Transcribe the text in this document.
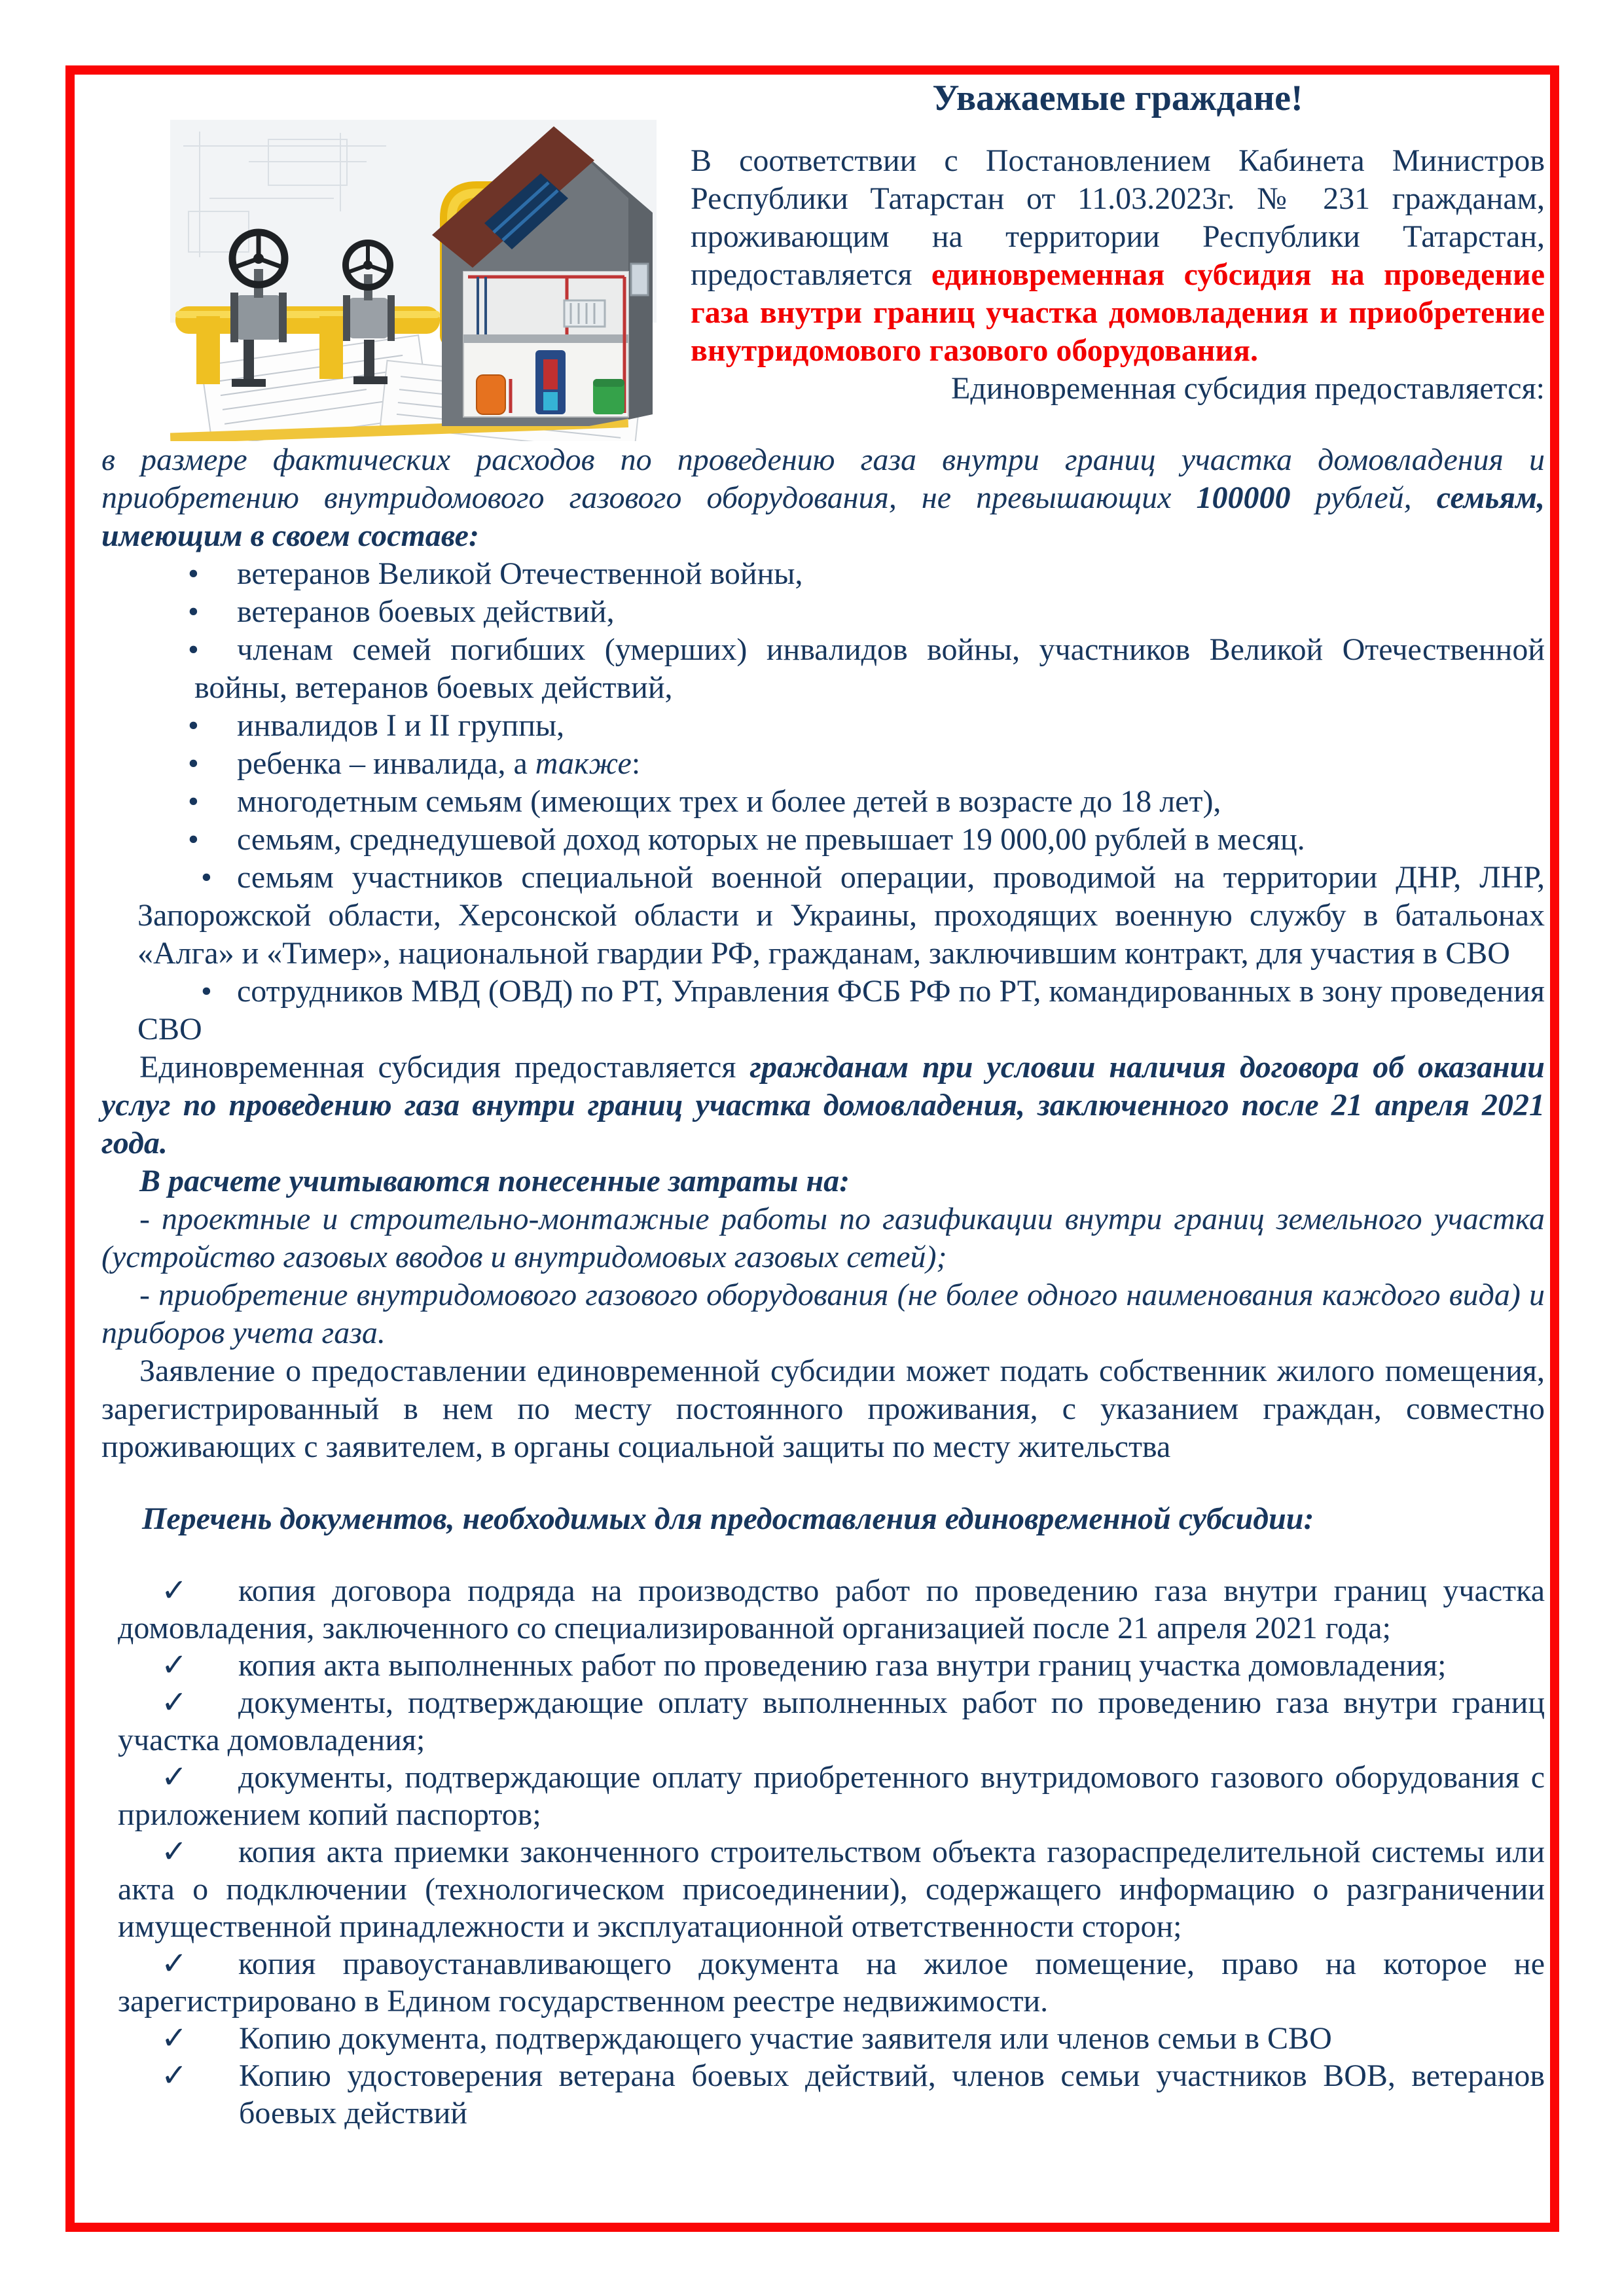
Уважаемые граждане!

В соответствии с Постановлением Кабинета Министров Республики Татарстан от 11.03.2023г. № 231 гражданам, проживающим на территории Республики Татарстан, предоставляется единовременная субсидия на проведение газа внутри границ участка домовладения и приобретение внутридомового газового оборудования.

Единовременная субсидия предоставляется:

в размере фактических расходов по проведению газа внутри границ участка домовладения и приобретению внутридомового газового оборудования, не превышающих 100000 рублей, семьям, имеющим в своем составе:

• ветеранов Великой Отечественной войны,

• ветеранов боевых действий,

• членам семей погибших (умерших) инвалидов войны, участников Великой Отечественной войны, ветеранов боевых действий,

• инвалидов I и II группы,

• ребенка – инвалида, а также:

• многодетным семьям (имеющих трех и более детей в возрасте до 18 лет),

• семьям, среднедушевой доход которых не превышает 19 000,00 рублей в месяц.

• семьям участников специальной военной операции, проводимой на территории ДНР, ЛНР, Запорожской области, Херсонской области и Украины, проходящих военную службу в батальонах «Алга» и «Тимер», национальной гвардии РФ, гражданам, заключившим контракт, для участия в СВО

• сотрудников МВД (ОВД) по РТ, Управления ФСБ РФ по РТ, командированных в зону проведения СВО

Единовременная субсидия предоставляется гражданам при условии наличия договора об оказании услуг по проведению газа внутри границ участка домовладения, заключенного после 21 апреля 2021 года.

В расчете учитываются понесенные затраты на:

- проектные и строительно-монтажные работы по газификации внутри границ земельного участка (устройство газовых вводов и внутридомовых газовых сетей);

- приобретение внутридомового газового оборудования (не более одного наименования каждого вида) и приборов учета газа.

Заявление о предоставлении единовременной субсидии может подать собственник жилого помещения, зарегистрированный в нем по месту постоянного проживания, с указанием граждан, совместно проживающих с заявителем, в органы социальной защиты по месту жительства

Перечень документов, необходимых для предоставления единовременной субсидии:

✓ копия договора подряда на производство работ по проведению газа внутри границ участка домовладения, заключенного со специализированной организацией после 21 апреля 2021 года;

✓ копия акта выполненных работ по проведению газа внутри границ участка домовладения;

✓ документы, подтверждающие оплату выполненных работ по проведению газа внутри границ участка домовладения;

✓ документы, подтверждающие оплату приобретенного внутридомового газового оборудования с приложением копий паспортов;

✓ копия акта приемки законченного строительством объекта газораспределительной системы или акта о подключении (технологическом присоединении), содержащего информацию о разграничении имущественной принадлежности и эксплуатационной ответственности сторон;

✓ копия правоустанавливающего документа на жилое помещение, право на которое не зарегистрировано в Едином государственном реестре недвижимости.

✓ Копию документа, подтверждающего участие заявителя или членов семьи в СВО

✓ Копию удостоверения ветерана боевых действий, членов семьи участников ВОВ, ветеранов боевых действий
